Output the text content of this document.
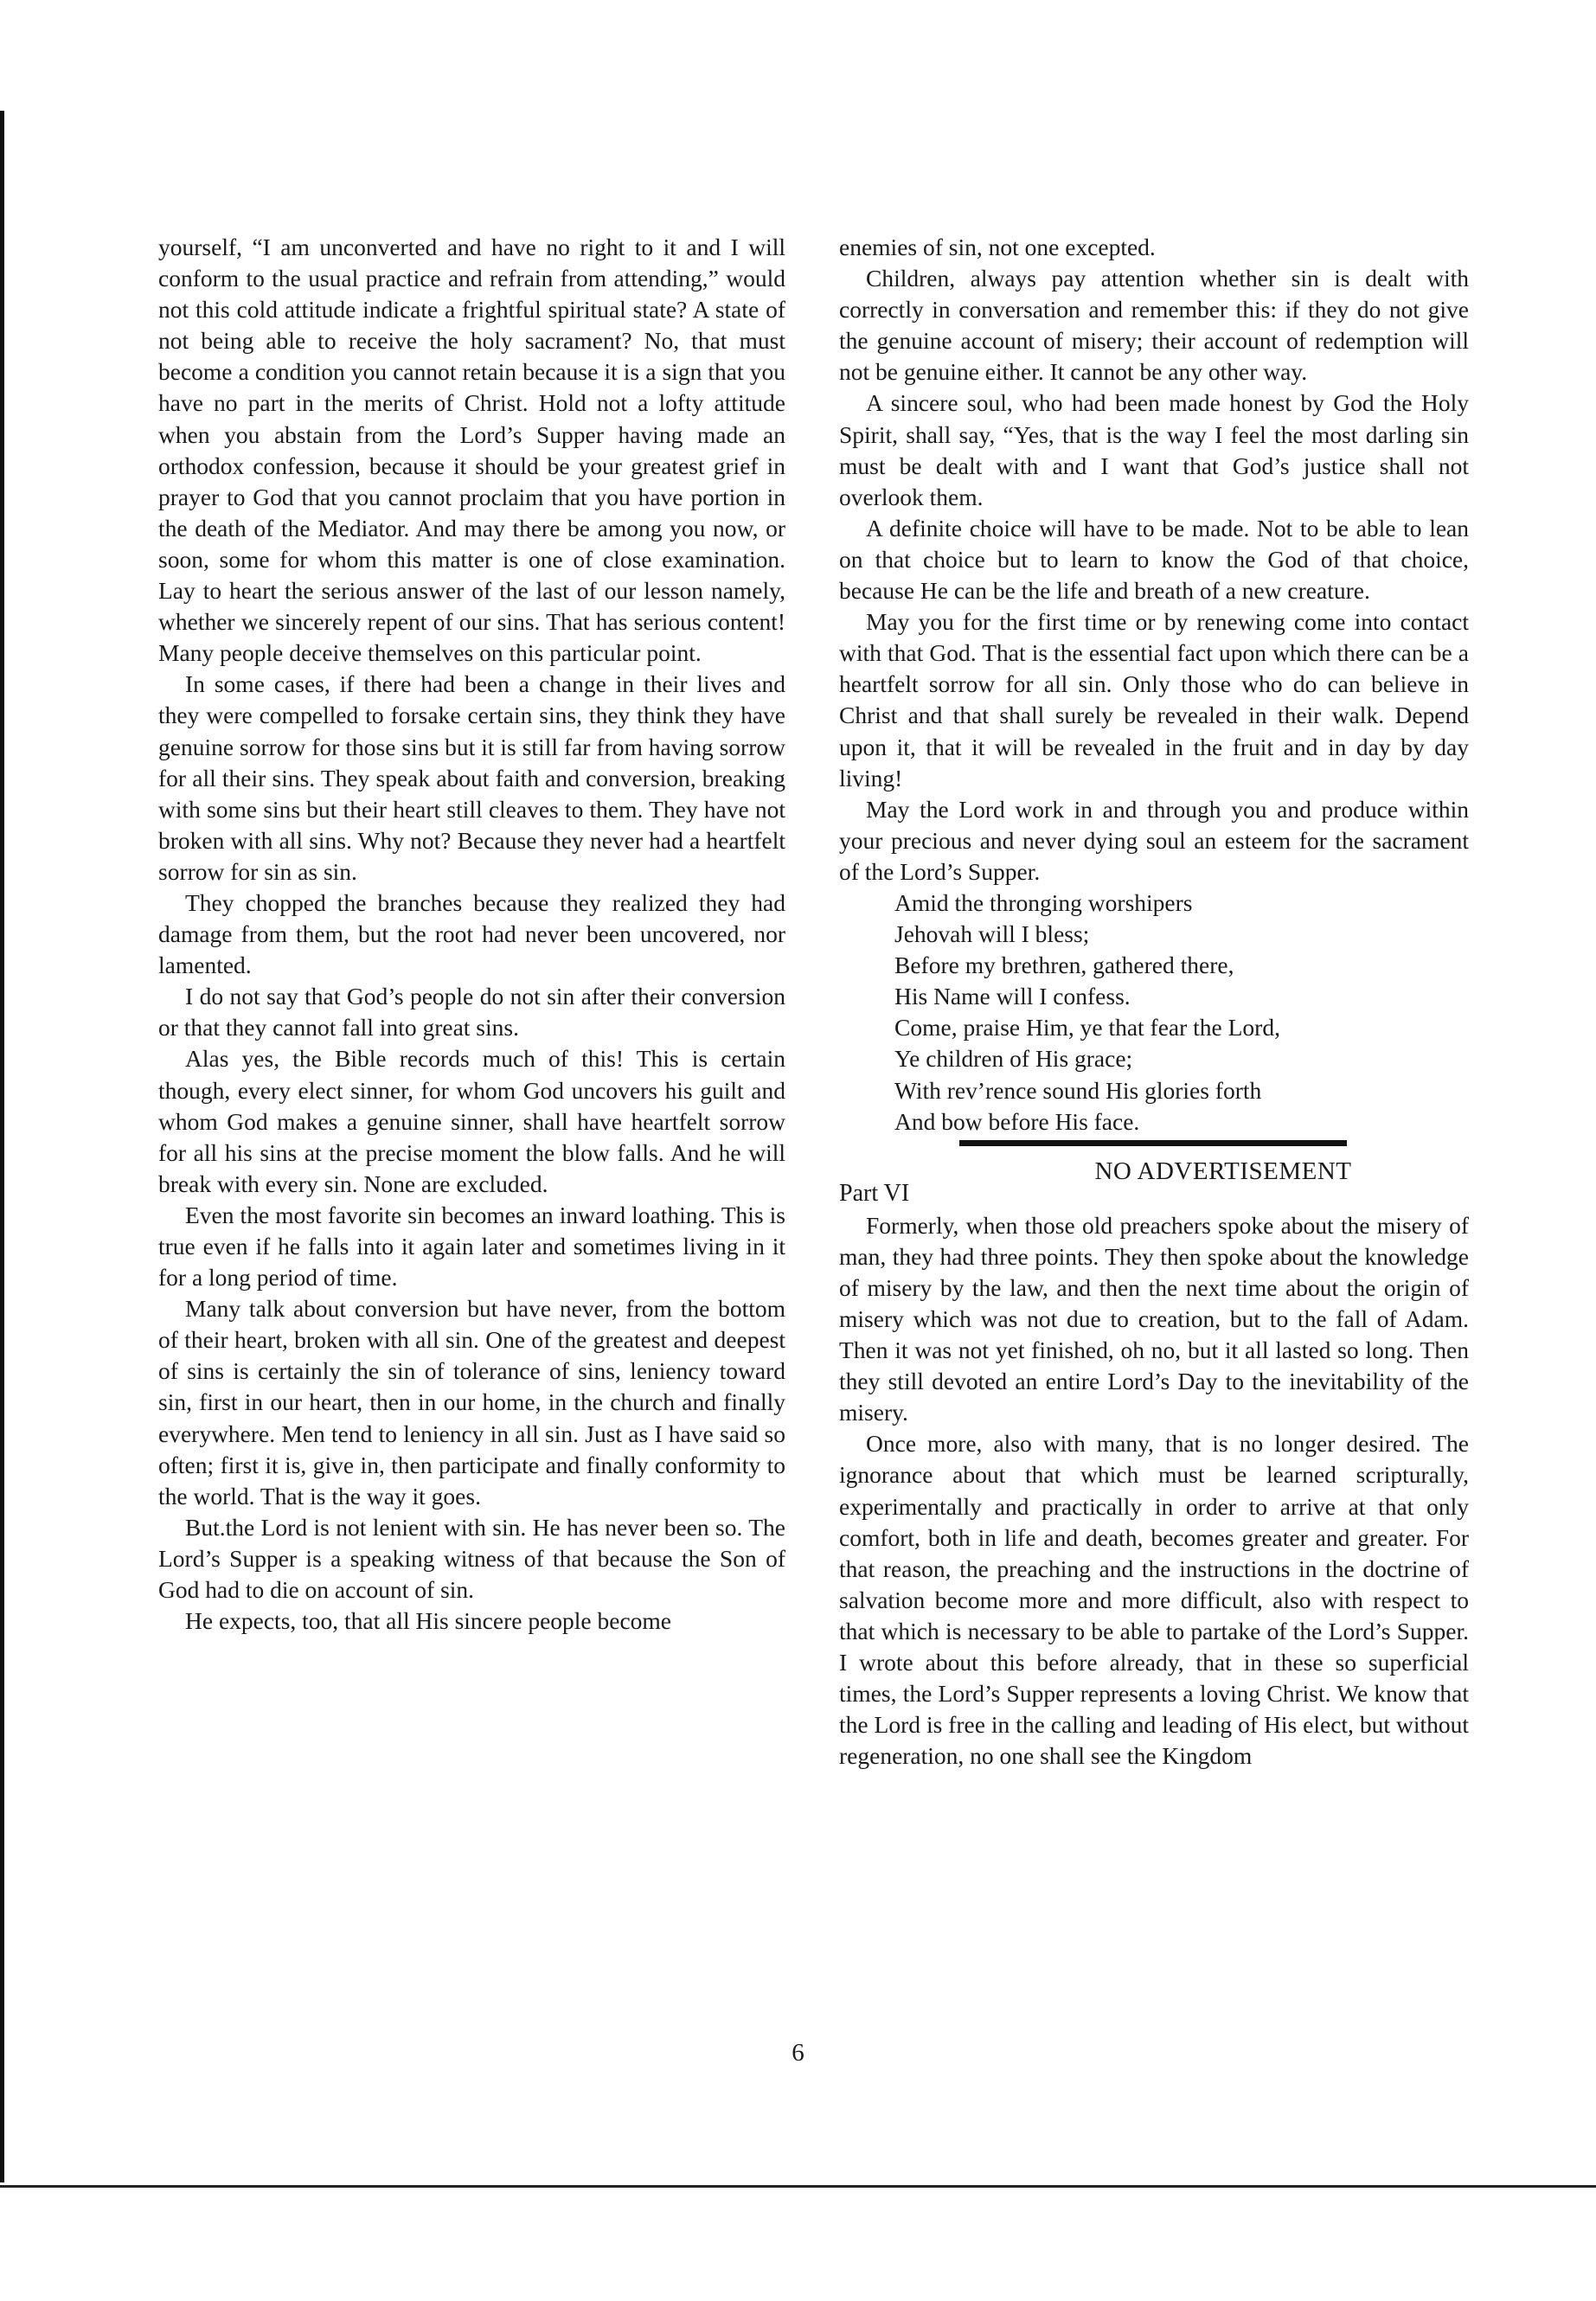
yourself, “I am unconverted and have no right to it and I will conform to the usual practice and refrain from attending,” would not this cold attitude indicate a frightful spiritual state? A state of not being able to receive the holy sacrament? No, that must become a condition you cannot retain because it is a sign that you have no part in the merits of Christ. Hold not a lofty attitude when you abstain from the Lord’s Supper having made an orthodox confession, because it should be your greatest grief in prayer to God that you cannot proclaim that you have portion in the death of the Mediator. And may there be among you now, or soon, some for whom this matter is one of close examination. Lay to heart the serious answer of the last of our lesson namely, whether we sincerely repent of our sins. That has serious content! Many people deceive themselves on this particular point.

In some cases, if there had been a change in their lives and they were compelled to forsake certain sins, they think they have genuine sorrow for those sins but it is still far from having sorrow for all their sins. They speak about faith and conversion, breaking with some sins but their heart still cleaves to them. They have not broken with all sins. Why not? Because they never had a heartfelt sorrow for sin as sin.

They chopped the branches because they realized they had damage from them, but the root had never been uncovered, nor lamented.

I do not say that God’s people do not sin after their conversion or that they cannot fall into great sins.

Alas yes, the Bible records much of this! This is certain though, every elect sinner, for whom God uncovers his guilt and whom God makes a genuine sinner, shall have heartfelt sorrow for all his sins at the precise moment the blow falls. And he will break with every sin. None are excluded.

Even the most favorite sin becomes an inward loathing. This is true even if he falls into it again later and sometimes living in it for a long period of time.

Many talk about conversion but have never, from the bottom of their heart, broken with all sin. One of the greatest and deepest of sins is certainly the sin of tolerance of sins, leniency toward sin, first in our heart, then in our home, in the church and finally everywhere. Men tend to leniency in all sin. Just as I have said so often; first it is, give in, then participate and finally conformity to the world. That is the way it goes.

But.the Lord is not lenient with sin. He has never been so. The Lord’s Supper is a speaking witness of that because the Son of God had to die on account of sin.

He expects, too, that all His sincere people become

enemies of sin, not one excepted.

Children, always pay attention whether sin is dealt with correctly in conversation and remember this: if they do not give the genuine account of misery; their account of redemption will not be genuine either. It cannot be any other way.

A sincere soul, who had been made honest by God the Holy Spirit, shall say, “Yes, that is the way I feel the most darling sin must be dealt with and I want that God’s justice shall not overlook them.

A definite choice will have to be made. Not to be able to lean on that choice but to learn to know the God of that choice, because He can be the life and breath of a new creature.

May you for the first time or by renewing come into contact with that God. That is the essential fact upon which there can be a heartfelt sorrow for all sin. Only those who do can believe in Christ and that shall surely be revealed in their walk. Depend upon it, that it will be revealed in the fruit and in day by day living!

May the Lord work in and through you and produce within your precious and never dying soul an esteem for the sacrament of the Lord’s Supper.

Amid the thronging worshipers
Jehovah will I bless;
Before my brethren, gathered there,
His Name will I confess.
Come, praise Him, ye that fear the Lord,
Ye children of His grace;
With rev’rence sound His glories forth
And bow before His face.
NO ADVERTISEMENT
Part VI

Formerly, when those old preachers spoke about the misery of man, they had three points. They then spoke about the knowledge of misery by the law, and then the next time about the origin of misery which was not due to creation, but to the fall of Adam. Then it was not yet finished, oh no, but it all lasted so long. Then they still devoted an entire Lord’s Day to the inevitability of the misery.

Once more, also with many, that is no longer desired. The ignorance about that which must be learned scripturally, experimentally and practically in order to arrive at that only comfort, both in life and death, becomes greater and greater. For that reason, the preaching and the instructions in the doctrine of salvation become more and more difficult, also with respect to that which is necessary to be able to partake of the Lord’s Supper. I wrote about this before already, that in these so superficial times, the Lord’s Supper represents a loving Christ. We know that the Lord is free in the calling and leading of His elect, but without regeneration, no one shall see the Kingdom

6
